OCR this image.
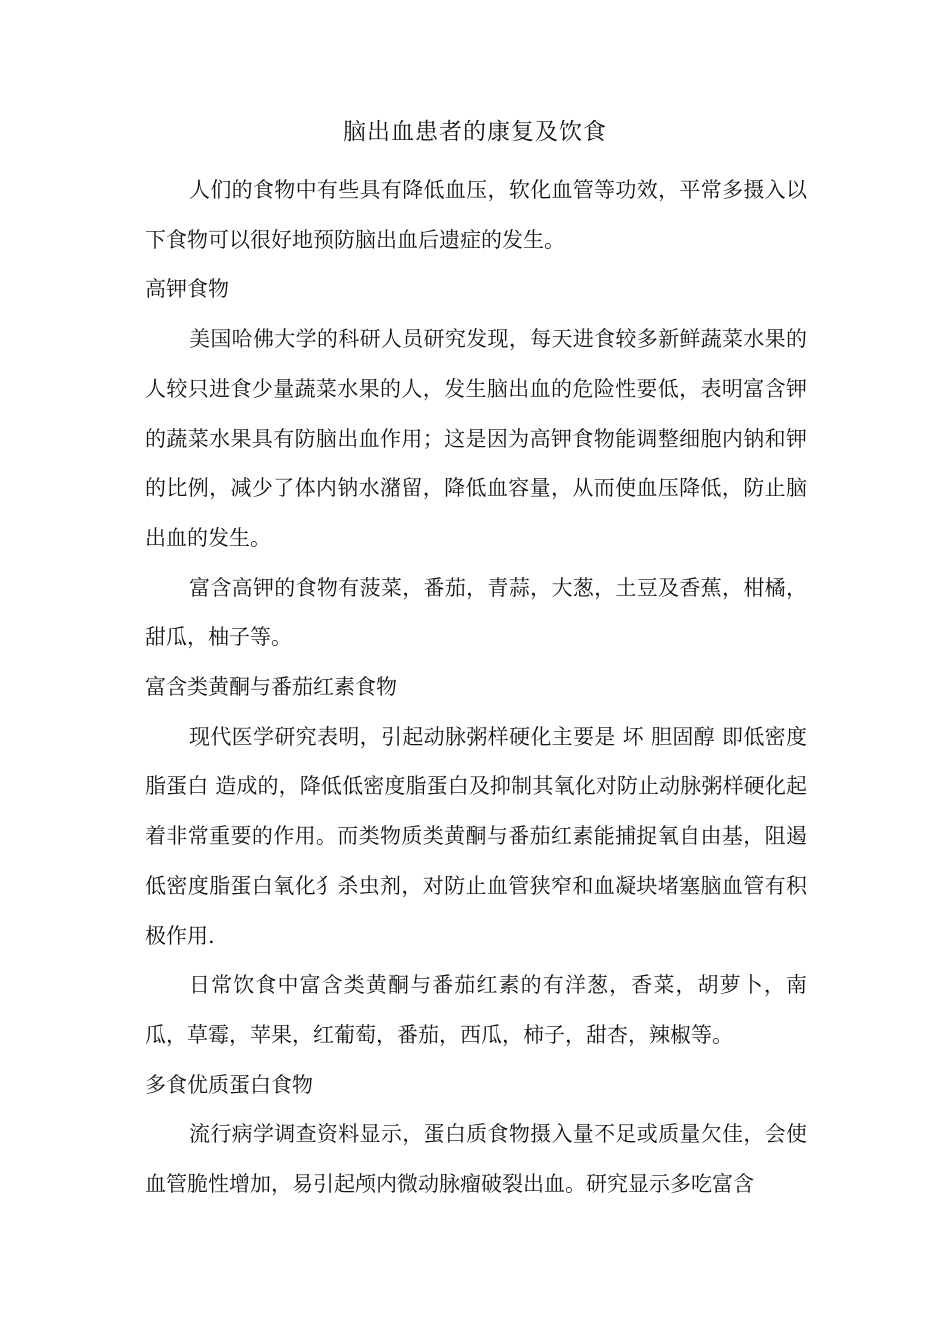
脑出血患者的康复及饮食

人们的食物中有些具有降低血压，软化血管等功效，平常多摄入以下食物可以很好地预防脑出血后遗症的发生。

高钾食物

美国哈佛大学的科研人员研究发现，每天进食较多新鲜蔬菜水果的人较只进食少量蔬菜水果的人，发生脑出血的危险性要低，表明富含钾的蔬菜水果具有防脑出血作用；这是因为高钾食物能调整细胞内钠和钾的比例，减少了体内钠水潴留，降低血容量，从而使血压降低，防止脑出血的发生。

富含高钾的食物有菠菜，番茄，青蒜，大葱，土豆及香蕉，柑橘，甜瓜，柚子等。

富含类黄酮与番茄红素食物

现代医学研究表明，引起动脉粥样硬化主要是 坏 胆固醇 即低密度脂蛋白 造成的，降低低密度脂蛋白及抑制其氧化对防止动脉粥样硬化起着非常重要的作用。而类物质类黄酮与番茄红素能捕捉氧自由基，阻遏低密度脂蛋白氧化犭杀虫剂，对防止血管狭窄和血凝块堵塞脑血管有积极作用.

日常饮食中富含类黄酮与番茄红素的有洋葱，香菜，胡萝卜，南瓜，草霉，苹果，红葡萄，番茄，西瓜，柿子，甜杏，辣椒等。

多食优质蛋白食物

流行病学调查资料显示，蛋白质食物摄入量不足或质量欠佳，会使血管脆性增加，易引起颅内微动脉瘤破裂出血。研究显示多吃富含
